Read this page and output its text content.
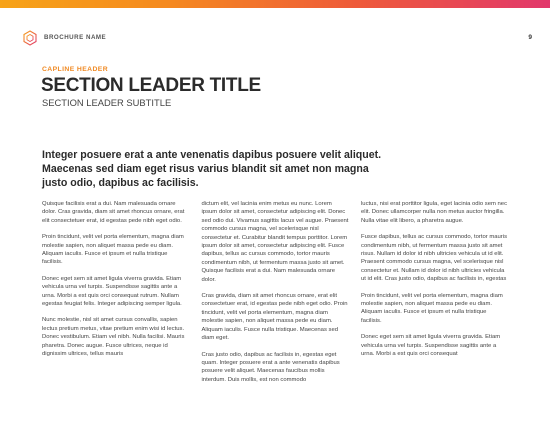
BROCHURE NAME	9
CAPLINE HEADER
SECTION LEADER TITLE
SECTION LEADER SUBTITLE
Integer posuere erat a ante venenatis dapibus posuere velit aliquet. Maecenas sed diam eget risus varius blandit sit amet non magna justo odio, dapibus ac facilisis.

Quisque facilisis erat a dui. Nam malesuada ornare dolor. Cras gravida, diam sit amet rhoncus ornare, erat elit consectetuer erat, id egestas pede nibh eget odio.

Proin tincidunt, velit vel porta elementum, magna diam molestie sapien, non aliquet massa pede eu diam. Aliquam iaculis. Fusce et ipsum et nulla tristique facilisis.

Donec eget sem sit amet ligula viverra gravida. Etiam vehicula urna vel turpis. Suspendisse sagittis ante a urna. Morbi a est quis orci consequat rutrum. Nullam egestas feugiat felis. Integer adipiscing semper ligula.

Nunc molestie, nisl sit amet cursus convallis, sapien lectus pretium metus, vitae pretium enim wisi id lectus. Donec vestibulum. Etiam vel nibh. Nulla facilisi. Mauris pharetra. Donec augue. Fusce ultrices, neque id dignissim ultrices, tellus mauris

dictum elit, vel lacinia enim metus eu nunc. Lorem ipsum dolor sit amet, consectetur adipiscing elit. Donec sed odio dui. Vivamus sagittis lacus vel augue. Praesent commodo cursus magna, vel scelerisque nisl consectetur et. Curabitur blandit tempus porttitor. Lorem ipsum dolor sit amet, consectetur adipiscing elit. Fusce dapibus, tellus ac cursus commodo, tortor mauris condimentum nibh, ut fermentum massa justo sit amet. Quisque facilisis erat a dui. Nam malesuada ornare dolor.

Cras gravida, diam sit amet rhoncus ornare, erat elit consectetuer erat, id egestas pede nibh eget odio. Proin tincidunt, velit vel porta elementum, magna diam molestie sapien, non aliquet massa pede eu diam. Aliquam iaculis. Fusce nulla tristique. Maecenas sed diam eget.

Cras justo odio, dapibus ac facilisis in, egestas eget quam. Integer posuere erat a ante venenatis dapibus posuere velit aliquet. Maecenas faucibus mollis interdum. Duis mollis, est non commodo

luctus, nisi erat porttitor ligula, eget lacinia odio sem nec elit. Donec ullamcorper nulla non metus auctor fringilla. Nulla vitae elit libero, a pharetra augue.

Fusce dapibus, tellus ac cursus commodo, tortor mauris condimentum nibh, ut fermentum massa justo sit amet risus. Nullam id dolor id nibh ultricies vehicula ut id elit. Praesent commodo cursus magna, vel scelerisque nisl consectetur et. Nullam id dolor id nibh ultricies vehicula ut id elit. Cras justo odio, dapibus ac facilisis in, egestas

Proin tincidunt, velit vel porta elementum, magna diam molestie sapien, non aliquet massa pede eu diam. Aliquam iaculis. Fusce et ipsum et nulla tristique facilisis.

Donec eget sem sit amet ligula viverra gravida. Etiam vehicula urna vel turpis. Suspendisse sagittis ante a urna. Morbi a est quis orci consequat
